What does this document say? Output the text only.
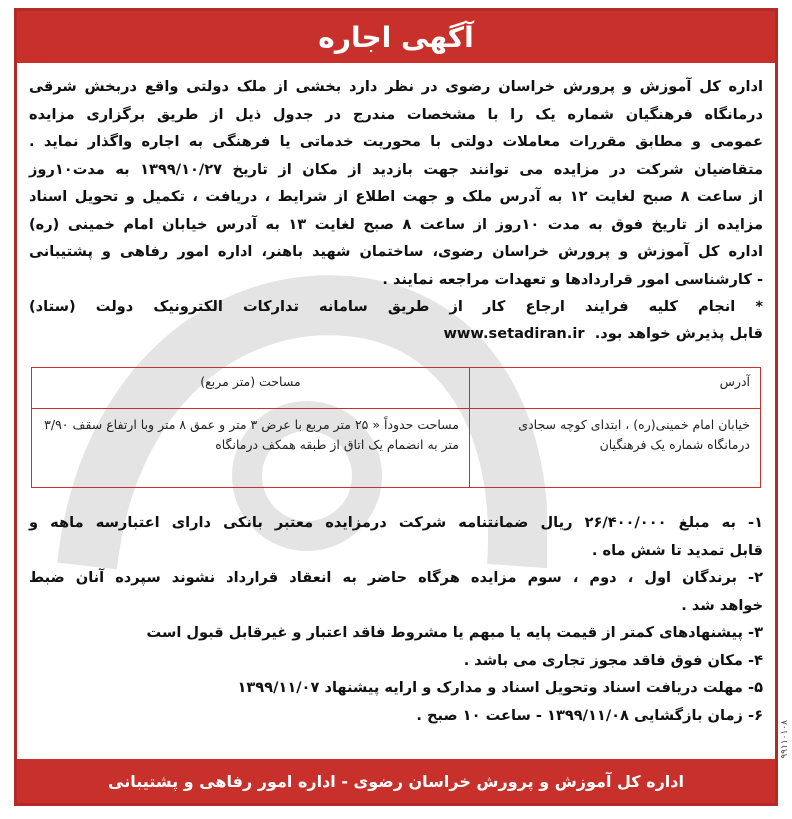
آگهی اجاره

اداره کل آموزش و پرورش خراسان رضوی در نظر دارد بخشی از ملک دولتی واقع دربخش شرقی

درمانگاه فرهنگیان شماره یک را با مشخصات مندرج در جدول ذیل از طریق برگزاری مزایده

عمومی و مطابق مقررات معاملات دولتی با محوریت خدماتی یا فرهنگی به اجاره واگذار نماید .

متقاضیان شرکت در مزایده می توانند جهت بازدید از مکان از تاریخ ۱۳۹۹/۱۰/۲۷ به مدت۱۰روز

از ساعت ۸ صبح لغایت ۱۲ به آدرس ملک و جهت اطلاع از شرایط ، دریافت ، تکمیل و تحویل اسناد

مزایده از تاریخ فوق به مدت ۱۰روز از ساعت ۸ صبح لغایت ۱۳ به آدرس خیابان امام خمینی (ره)

اداره کل آموزش و پرورش خراسان رضوی، ساختمان شهید باهنر، اداره امور رفاهی و پشتیبانی

- کارشناسی امور قراردادها و تعهدات مراجعه نمایند .

* انجام کلیه فرایند ارجاع کار از طریق سامانه تدارکات الکترونیک دولت (ستاد)

قابل پذیرش خواهد بود.  www.setadiran.ir

آدرس	مساحت (متر مربع)
خیابان امام خمینی(ره) ، ابتدای کوچه سجادی درمانگاه شماره یک فرهنگیان	مساحت حدوداً « ۲۵ متر مربع با عرض ۳ متر و عمق ۸ متر وبا ارتفاع سقف ۳/۹۰ متر به انضمام یک اتاق از طبقه همکف درمانگاه

۱- به مبلغ ۲۶/۴۰۰/۰۰۰ ریال ضمانتنامه شرکت درمزایده معتبر بانکی دارای اعتبارسه ماهه و

قابل تمدید تا شش ماه .

۲- برندگان اول ، دوم ، سوم مزایده هرگاه حاضر به انعقاد قرارداد نشوند سپرده آنان ضبط

خواهد شد .

۳- پیشنهادهای کمتر از قیمت پایه یا مبهم یا مشروط فاقد اعتبار و غیرقابل قبول است

۴- مکان فوق فاقد مجوز تجاری می باشد .

۵- مهلت دریافت اسناد وتحویل اسناد و مدارک و ارایه پیشنهاد ۱۳۹۹/۱۱/۰۷

۶- زمان بازگشایی ۱۳۹۹/۱۱/۰۸ - ساعت ۱۰ صبح .

اداره کل آموزش و پرورش خراسان رضوی - اداره امور رفاهی و پشتیبانی
۹۹۱۱۰۱۰۸
